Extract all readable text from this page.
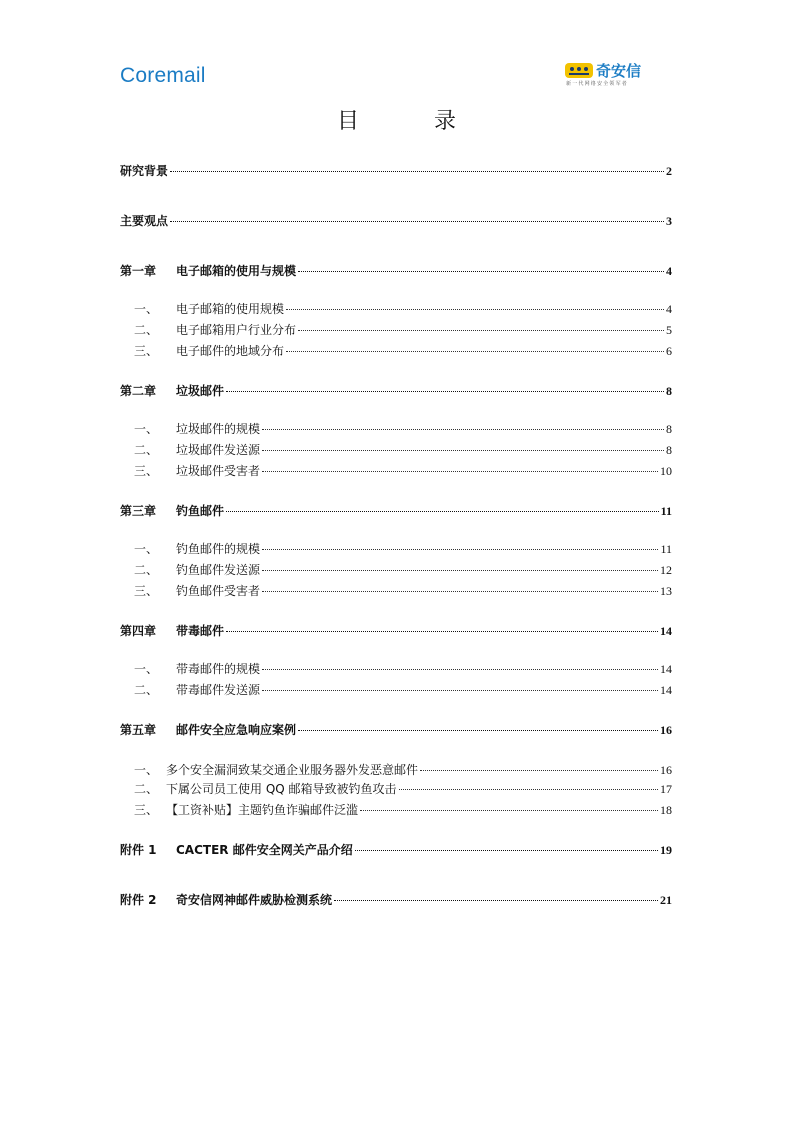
Coremail	奇安信
新一代网络安全领军者
目 录
研究背景	2
主要观点	3
第一章	电子邮箱的使用与规模	4
一、	电子邮箱的使用规模	4
二、	电子邮箱用户行业分布	5
三、	电子邮件的地域分布	6
第二章	垃圾邮件	8
一、	垃圾邮件的规模	8
二、	垃圾邮件发送源	8
三、	垃圾邮件受害者	10
第三章	钓鱼邮件	11
一、	钓鱼邮件的规模	11
二、	钓鱼邮件发送源	12
三、	钓鱼邮件受害者	13
第四章	带毒邮件	14
一、	带毒邮件的规模	14
二、	带毒邮件发送源	14
第五章	邮件安全应急响应案例	16
一、 多个安全漏洞致某交通企业服务器外发恶意邮件	16
二、 下属公司员工使用 QQ 邮箱导致被钓鱼攻击	17
三、 【工资补贴】主题钓鱼诈骗邮件泛滥	18
附件 1	CACTER 邮件安全网关产品介绍	19
附件 2	奇安信网神邮件威胁检测系统	21
